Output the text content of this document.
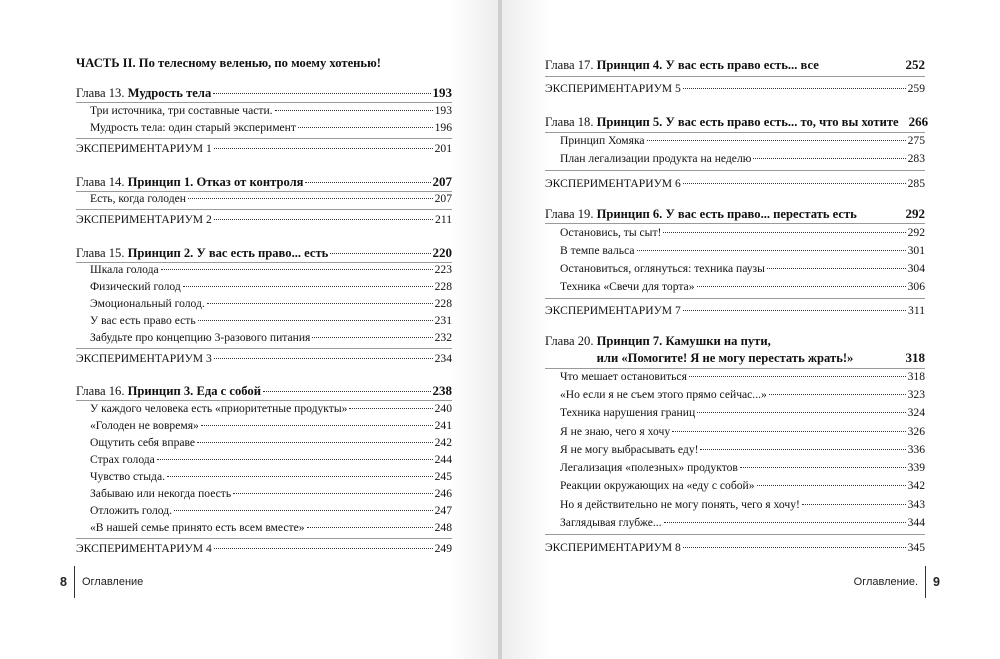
ЧАСТЬ II. По телесному веленью, по моему хотенью!
Глава 13. Мудрость тела	193
Три источника, три составные части.	193
Мудрость тела: один старый эксперимент	196
ЭКСПЕРИМЕНТАРИУМ 1	201
Глава 14. Принцип 1. Отказ от контроля	207
Есть, когда голоден	207
ЭКСПЕРИМЕНТАРИУМ 2	211
Глава 15. Принцип 2. У вас есть право... есть	220
Шкала голода	223
Физический голод	228
Эмоциональный голод.	228
У вас есть право есть	231
Забудьте про концепцию 3-разового питания	232
ЭКСПЕРИМЕНТАРИУМ 3	234
Глава 16. Принцип 3. Еда с собой	238
У каждого человека есть «приоритетные продукты»	240
«Голоден не вовремя»	241
Ощутить себя вправе	242
Страх голода	244
Чувство стыда.	245
Забываю или некогда поесть	246
Отложить голод.	247
«В нашей семье принято есть всем вместе»	248
ЭКСПЕРИМЕНТАРИУМ 4	249
8 Оглавление
Глава 17. Принцип 4. У вас есть право есть... все	252
ЭКСПЕРИМЕНТАРИУМ 5	259
Глава 18. Принцип 5. У вас есть право есть... то, что вы хотите 266
Принцип Хомяка	275
План легализации продукта на неделю	283
ЭКСПЕРИМЕНТАРИУМ 6	285
Глава 19. Принцип 6. У вас есть право... перестать есть	292
Остановись, ты сыт!	292
В темпе вальса	301
Остановиться, оглянуться: техника паузы	304
Техника «Свечи для торта»	306
ЭКСПЕРИМЕНТАРИУМ 7	311
Глава 20. Принцип 7. Камушки на пути,
или «Помогите! Я не могу перестать жрать!»	318
Что мешает остановиться	318
«Но если я не съем этого прямо сейчас...»	323
Техника нарушения границ	324
Я не знаю, чего я хочу	326
Я не могу выбрасывать еду!	336
Легализация «полезных» продуктов	339
Реакции окружающих на «еду с собой»	342
Но я действительно не могу понять, чего я хочу!	343
Заглядывая глубже...	344
ЭКСПЕРИМЕНТАРИУМ 8	345
Оглавление. 9
